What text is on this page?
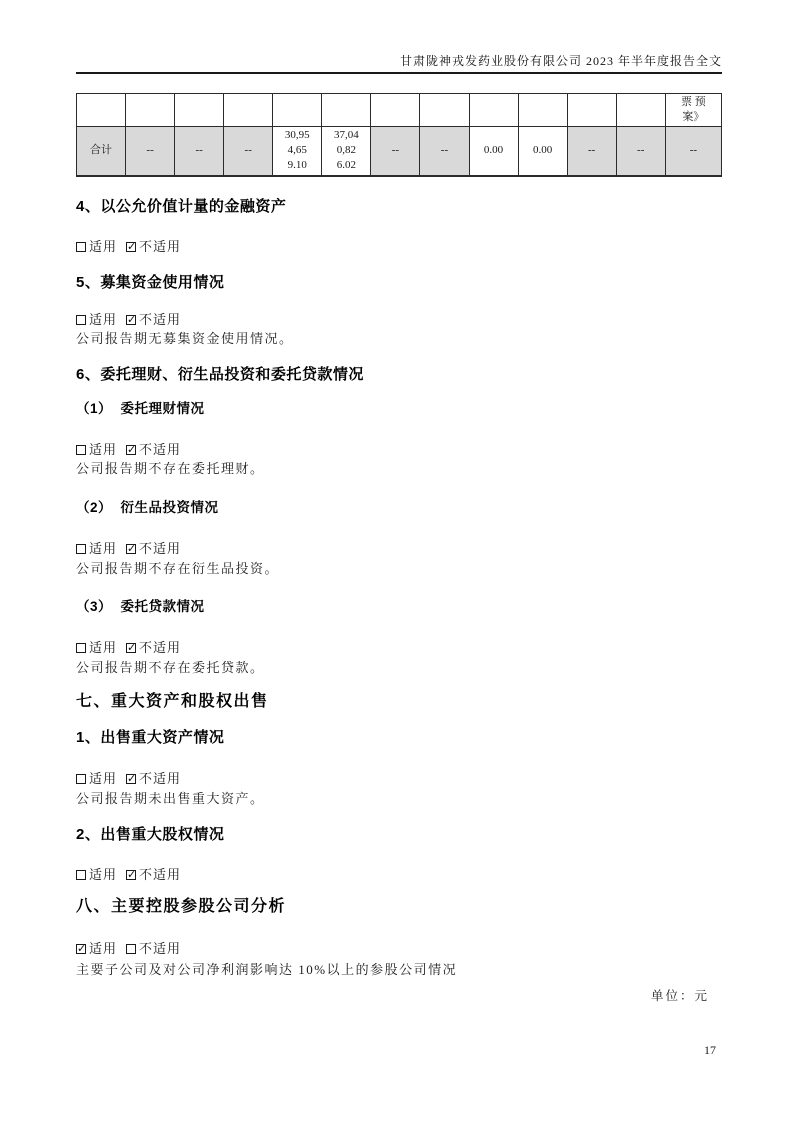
甘肃陇神戎发药业股份有限公司 2023 年半年度报告全文
												票 预案》
合计	--	--	--	30,954,659.10	37,040,826.02	--	--	0.00	0.00	--	--	--
4、以公允价值计量的金融资产
适用 ✓ 不适用
5、募集资金使用情况
适用 ✓ 不适用
公司报告期无募集资金使用情况。
6、委托理财、衍生品投资和委托贷款情况
（1）  委托理财情况
适用 ✓ 不适用
公司报告期不存在委托理财。
（2）  衍生品投资情况
适用 ✓ 不适用
公司报告期不存在衍生品投资。
（3）  委托贷款情况
适用 ✓ 不适用
公司报告期不存在委托贷款。
七、重大资产和股权出售
1、出售重大资产情况
适用 ✓ 不适用
公司报告期未出售重大资产。
2、出售重大股权情况
适用 ✓ 不适用
八、主要控股参股公司分析
✓适用 不适用
主要子公司及对公司净利润影响达 10%以上的参股公司情况
单位：元
17
